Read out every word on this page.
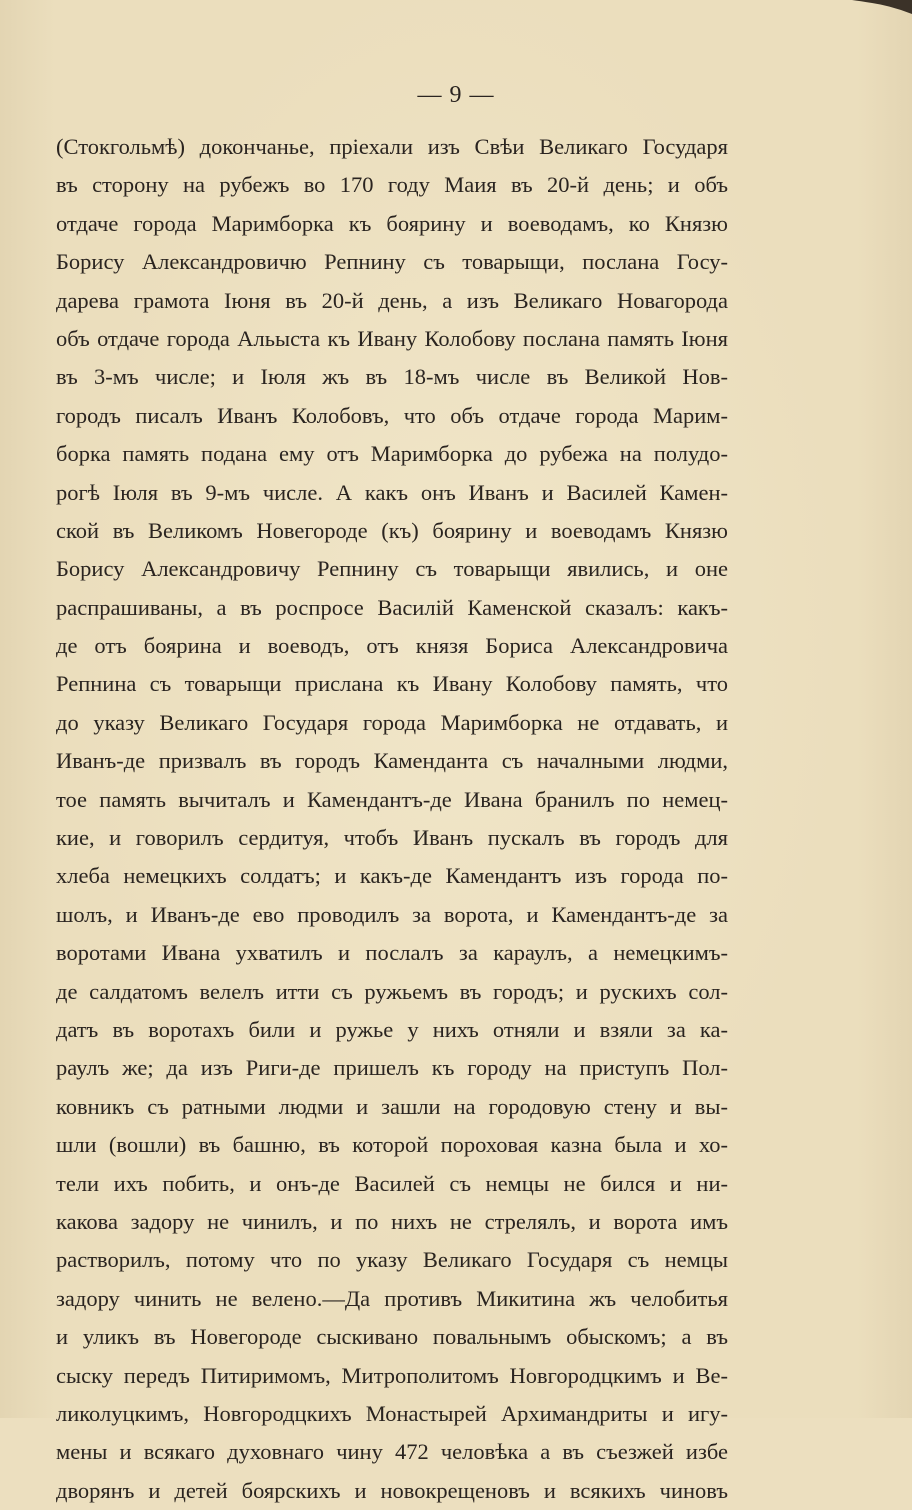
— 9 —
(Стокгольмѣ) докончанье, пріехали изъ Свѣи Великаго Государя
въ сторону на рубежъ во 170 году Маия въ 20-й день; и объ
отдаче города Маримборка къ боярину и воеводамъ, ко Князю
Борису Александровичю Репнину съ товарыщи, послана Госу-
дарева грамота Іюня въ 20-й день, а изъ Великаго Новагорода
объ отдаче города Альыста къ Ивану Колобову послана память Іюня
въ 3-мъ числе; и Іюля жъ въ 18-мъ числе въ Великой Нов-
городъ писалъ Иванъ Колобовъ, что объ отдаче города Марим-
борка память подана ему отъ Маримборка до рубежа на полудо-
рогѣ Іюля въ 9-мъ числе. А какъ онъ Иванъ и Василей Камен-
ской въ Великомъ Новегороде (къ) боярину и воеводамъ Князю
Борису Александровичу Репнину съ товарыщи явились, и оне
распрашиваны, а въ роспросе Василій Каменской сказалъ: какъ-
де отъ боярина и воеводъ, отъ князя Бориса Александровича
Репнина съ товарыщи прислана къ Ивану Колобову память, что
до указу Великаго Государя города Маримборка не отдавать, и
Иванъ-де призвалъ въ городъ Каменданта съ началными людми,
тое память вычиталъ и Камендантъ-де Ивана бранилъ по немец-
кие, и говорилъ сердитуя, чтобъ Иванъ пускалъ въ городъ для
хлеба немецкихъ солдатъ; и какъ-де Камендантъ изъ города по-
шолъ, и Иванъ-де ево проводилъ за ворота, и Камендантъ-де за
воротами Ивана ухватилъ и послалъ за караулъ, а немецкимъ-
де салдатомъ велелъ итти съ ружьемъ въ городъ; и рускихъ сол-
датъ въ воротахъ били и ружье у нихъ отняли и взяли за ка-
раулъ же; да изъ Риги-де пришелъ къ городу на приступъ Пол-
ковникъ съ ратными людми и зашли на городовую стену и вы-
шли (вошли) въ башню, въ которой пороховая казна была и хо-
тели ихъ побить, и онъ-де Василей съ немцы не бился и ни-
какова задору не чинилъ, и по нихъ не стрелялъ, и ворота имъ
растворилъ, потому что по указу Великаго Государя съ немцы
задору чинить не велено.—Да противъ Микитина жъ челобитья
и уликъ въ Новегороде сыскивано повальнымъ обыскомъ; а въ
сыску передъ Питиримомъ, Митрополитомъ Новгородцкимъ и Ве-
ликолуцкимъ, Новгородцкихъ Монастырей Архимандриты и игу-
мены и всякаго духовнаго чину 472 человѣка а въ съезжей избе
дворянъ и детей боярскихъ и новокрещеновъ и всякихъ чиновъ
